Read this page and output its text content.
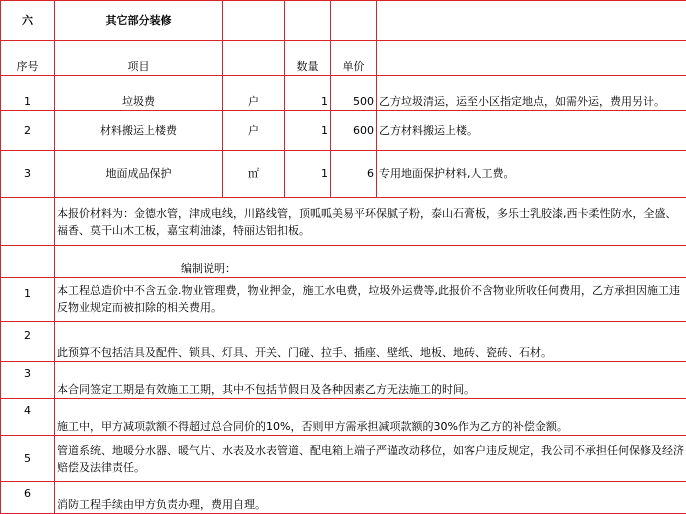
六	其它部分装修				
序号	项目		数量	单价	
1	垃圾费	户	1	500	乙方垃圾清运，运至小区指定地点，如需外运，费用另计。
2	材料搬运上楼费	户	1	600	乙方材料搬运上楼。
3	地面成品保护	㎡	1	6	专用地面保护材料,人工费。
	本报价材料为：金德水管，津成电线，川路线管，顶呱呱美易平环保腻子粉，泰山石膏板，多乐士乳胶漆,西卡柔性防水，全盛、福香、莫干山木工板，嘉宝莉油漆，特丽达铝扣板。				
	编制说明：				
1	本工程总造价中不含五金.物业管理费，物业押金，施工水电费，垃圾外运费等,此报价不含物业所收任何费用，乙方承担因施工违反物业规定而被扣除的相关费用。				
2	此预算不包括洁具及配件、锁具、灯具、开关、门碰、拉手、插座、壁纸、地板、地砖、瓷砖、石材。				
3	本合同签定工期是有效施工工期，其中不包括节假日及各种因素乙方无法施工的时间。				
4	施工中，甲方减项款额不得超过总合同价的10%，否则甲方需承担减项款额的30%作为乙方的补偿金额。				
5	管道系统、地暖分水器、暖气片、水表及水表管道、配电箱上端子严谨改动移位，如客户违反规定，我公司不承担任何保修及经济赔偿及法律责任。				
6	消防工程手续由甲方负责办理，费用自理。				
